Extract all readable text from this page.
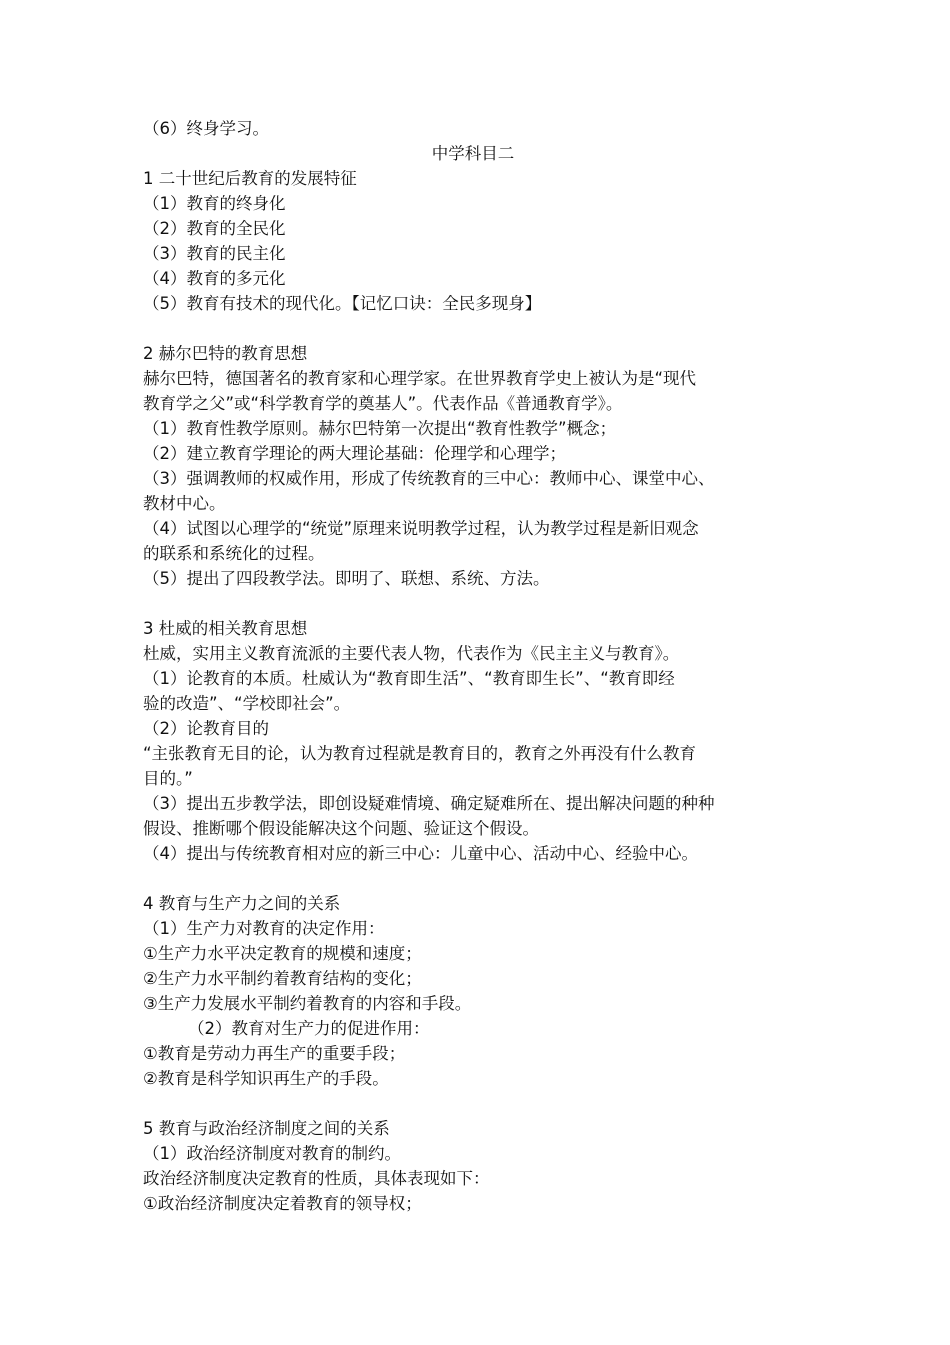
（6）终身学习。
中学科目二
1 二十世纪后教育的发展特征
（1）教育的终身化
（2）教育的全民化
（3）教育的民主化
（4）教育的多元化
（5）教育有技术的现代化。【记忆口诀：全民多现身】
2 赫尔巴特的教育思想
赫尔巴特，德国著名的教育家和心理学家。在世界教育学史上被认为是“现代
教育学之父”或“科学教育学的奠基人”。代表作品《普通教育学》。
（1）教育性教学原则。赫尔巴特第一次提出“教育性教学”概念；
（2）建立教育学理论的两大理论基础：伦理学和心理学；
（3）强调教师的权威作用，形成了传统教育的三中心：教师中心、课堂中心、
教材中心。
（4）试图以心理学的“统觉”原理来说明教学过程，认为教学过程是新旧观念
的联系和系统化的过程。
（5）提出了四段教学法。即明了、联想、系统、方法。
3 杜威的相关教育思想
杜威，实用主义教育流派的主要代表人物，代表作为《民主主义与教育》。
（1）论教育的本质。杜威认为“教育即生活”、“教育即生长”、“教育即经
验的改造”、“学校即社会”。
（2）论教育目的
“主张教育无目的论，认为教育过程就是教育目的，教育之外再没有什么教育
目的。”
（3）提出五步教学法，即创设疑难情境、确定疑难所在、提出解决问题的种种
假设、推断哪个假设能解决这个问题、验证这个假设。
（4）提出与传统教育相对应的新三中心：儿童中心、活动中心、经验中心。
4 教育与生产力之间的关系
（1）生产力对教育的决定作用：
①生产力水平决定教育的规模和速度；
②生产力水平制约着教育结构的变化；
③生产力发展水平制约着教育的内容和手段。
（2）教育对生产力的促进作用：
①教育是劳动力再生产的重要手段；
②教育是科学知识再生产的手段。
5 教育与政治经济制度之间的关系
（1）政治经济制度对教育的制约。
政治经济制度决定教育的性质，具体表现如下：
①政治经济制度决定着教育的领导权；
